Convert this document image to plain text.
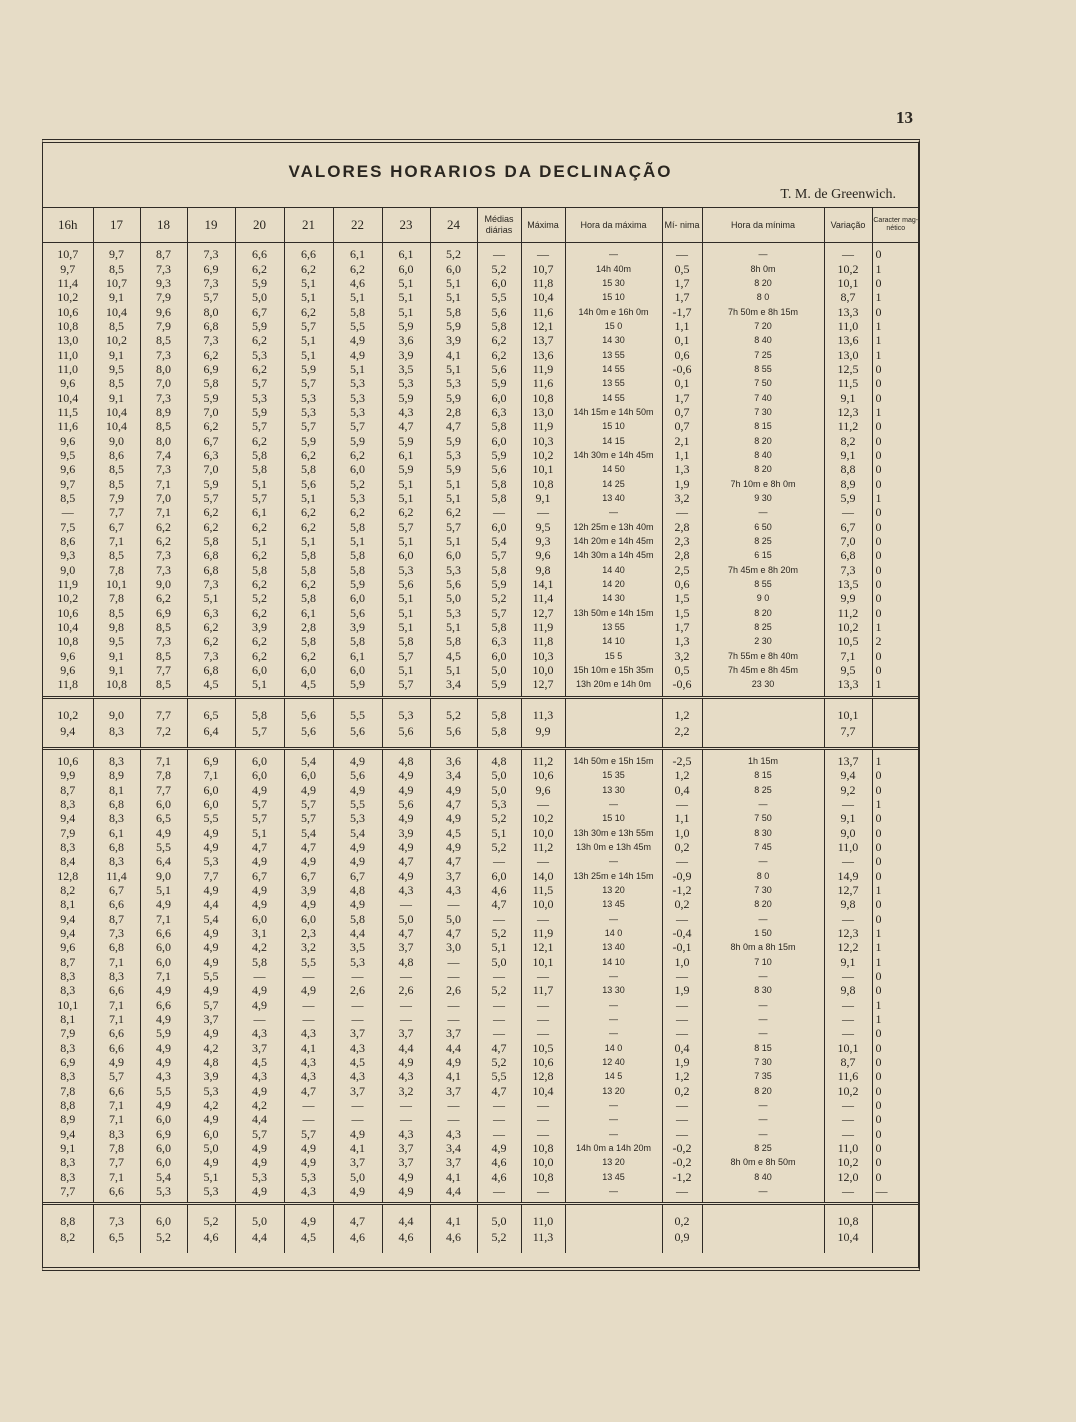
13
VALORES HORARIOS DA DECLINAÇÃO
T. M. de Greenwich.
16h	17	18	19	20	21	22	23	24	Médias diárias	Máxima	Hora da máxima	Mí- nima	Hora da mínima	Variação	Caracter mag- nético
10,7	9,7	8,7	7,3	6,6	6,6	6,1	6,1	5,2	—	—	—	—	—	—	0
9,7	8,5	7,3	6,9	6,2	6,2	6,2	6,0	6,0	5,2	10,7	14h 40m	0,5	8h 0m	10,2	1
11,4	10,7	9,3	7,3	5,9	5,1	4,6	5,1	5,1	6,0	11,8	15 30	1,7	8 20	10,1	0
10,2	9,1	7,9	5,7	5,0	5,1	5,1	5,1	5,1	5,5	10,4	15 10	1,7	8 0	8,7	1
10,6	10,4	9,6	8,0	6,7	6,2	5,8	5,1	5,8	5,6	11,6	14h 0m e 16h 0m	-1,7	7h 50m e 8h 15m	13,3	0
10,8	8,5	7,9	6,8	5,9	5,7	5,5	5,9	5,9	5,8	12,1	15 0	1,1	7 20	11,0	1
13,0	10,2	8,5	7,3	6,2	5,1	4,9	3,6	3,9	6,2	13,7	14 30	0,1	8 40	13,6	1
11,0	9,1	7,3	6,2	5,3	5,1	4,9	3,9	4,1	6,2	13,6	13 55	0,6	7 25	13,0	1
11,0	9,5	8,0	6,9	6,2	5,9	5,1	3,5	5,1	5,6	11,9	14 55	-0,6	8 55	12,5	0
9,6	8,5	7,0	5,8	5,7	5,7	5,3	5,3	5,3	5,9	11,6	13 55	0,1	7 50	11,5	0
10,4	9,1	7,3	5,9	5,3	5,3	5,3	5,9	5,9	6,0	10,8	14 55	1,7	7 40	9,1	0
11,5	10,4	8,9	7,0	5,9	5,3	5,3	4,3	2,8	6,3	13,0	14h 15m e 14h 50m	0,7	7 30	12,3	1
11,6	10,4	8,5	6,2	5,7	5,7	5,7	4,7	4,7	5,8	11,9	15 10	0,7	8 15	11,2	0
9,6	9,0	8,0	6,7	6,2	5,9	5,9	5,9	5,9	6,0	10,3	14 15	2,1	8 20	8,2	0
9,5	8,6	7,4	6,3	5,8	6,2	6,2	6,1	5,3	5,9	10,2	14h 30m e 14h 45m	1,1	8 40	9,1	0
9,6	8,5	7,3	7,0	5,8	5,8	6,0	5,9	5,9	5,6	10,1	14 50	1,3	8 20	8,8	0
9,7	8,5	7,1	5,9	5,1	5,6	5,2	5,1	5,1	5,8	10,8	14 25	1,9	7h 10m e 8h 0m	8,9	0
8,5	7,9	7,0	5,7	5,7	5,1	5,3	5,1	5,1	5,8	9,1	13 40	3,2	9 30	5,9	1
—	7,7	7,1	6,2	6,1	6,2	6,2	6,2	6,2	—	—	—	—	—	—	0
7,5	6,7	6,2	6,2	6,2	6,2	5,8	5,7	5,7	6,0	9,5	12h 25m e 13h 40m	2,8	6 50	6,7	0
8,6	7,1	6,2	5,8	5,1	5,1	5,1	5,1	5,1	5,4	9,3	14h 20m e 14h 45m	2,3	8 25	7,0	0
9,3	8,5	7,3	6,8	6,2	5,8	5,8	6,0	6,0	5,7	9,6	14h 30m a 14h 45m	2,8	6 15	6,8	0
9,0	7,8	7,3	6,8	5,8	5,8	5,8	5,3	5,3	5,8	9,8	14 40	2,5	7h 45m e 8h 20m	7,3	0
11,9	10,1	9,0	7,3	6,2	6,2	5,9	5,6	5,6	5,9	14,1	14 20	0,6	8 55	13,5	0
10,2	7,8	6,2	5,1	5,2	5,8	6,0	5,1	5,0	5,2	11,4	14 30	1,5	9 0	9,9	0
10,6	8,5	6,9	6,3	6,2	6,1	5,6	5,1	5,3	5,7	12,7	13h 50m e 14h 15m	1,5	8 20	11,2	0
10,4	9,8	8,5	6,2	3,9	2,8	3,9	5,1	5,1	5,8	11,9	13 55	1,7	8 25	10,2	1
10,8	9,5	7,3	6,2	6,2	5,8	5,8	5,8	5,8	6,3	11,8	14 10	1,3	2 30	10,5	2
9,6	9,1	8,5	7,3	6,2	6,2	6,1	5,7	4,5	6,0	10,3	15 5	3,2	7h 55m e 8h 40m	7,1	0
9,6	9,1	7,7	6,8	6,0	6,0	6,0	5,1	5,1	5,0	10,0	15h 10m e 15h 35m	0,5	7h 45m e 8h 45m	9,5	0
11,8	10,8	8,5	4,5	5,1	4,5	5,9	5,7	3,4	5,9	12,7	13h 20m e 14h 0m	-0,6	23 30	13,3	1
10,2	9,0	7,7	6,5	5,8	5,6	5,5	5,3	5,2	5,8	11,3		1,2		10,1	
9,4	8,3	7,2	6,4	5,7	5,6	5,6	5,6	5,6	5,8	9,9		2,2		7,7	
10,6	8,3	7,1	6,9	6,0	5,4	4,9	4,8	3,6	4,8	11,2	14h 50m e 15h 15m	-2,5	1h 15m	13,7	1
9,9	8,9	7,8	7,1	6,0	6,0	5,6	4,9	3,4	5,0	10,6	15 35	1,2	8 15	9,4	0
8,7	8,1	7,7	6,0	4,9	4,9	4,9	4,9	4,9	5,0	9,6	13 30	0,4	8 25	9,2	0
8,3	6,8	6,0	6,0	5,7	5,7	5,5	5,6	4,7	5,3	—	—	—	—	—	1
9,4	8,3	6,5	5,5	5,7	5,7	5,3	4,9	4,9	5,2	10,2	15 10	1,1	7 50	9,1	0
7,9	6,1	4,9	4,9	5,1	5,4	5,4	3,9	4,5	5,1	10,0	13h 30m e 13h 55m	1,0	8 30	9,0	0
8,3	6,8	5,5	4,9	4,7	4,7	4,9	4,9	4,9	5,2	11,2	13h 0m e 13h 45m	0,2	7 45	11,0	0
8,4	8,3	6,4	5,3	4,9	4,9	4,9	4,7	4,7	—	—	—	—	—	—	0
12,8	11,4	9,0	7,7	6,7	6,7	6,7	4,9	3,7	6,0	14,0	13h 25m e 14h 15m	-0,9	8 0	14,9	0
8,2	6,7	5,1	4,9	4,9	3,9	4,8	4,3	4,3	4,6	11,5	13 20	-1,2	7 30	12,7	1
8,1	6,6	4,9	4,4	4,9	4,9	4,9	—	—	4,7	10,0	13 45	0,2	8 20	9,8	0
9,4	8,7	7,1	5,4	6,0	6,0	5,8	5,0	5,0	—	—	—	—	—	—	0
9,4	7,3	6,6	4,9	3,1	2,3	4,4	4,7	4,7	5,2	11,9	14 0	-0,4	1 50	12,3	1
9,6	6,8	6,0	4,9	4,2	3,2	3,5	3,7	3,0	5,1	12,1	13 40	-0,1	8h 0m a 8h 15m	12,2	1
8,7	7,1	6,0	4,9	5,8	5,5	5,3	4,8	—	5,0	10,1	14 10	1,0	7 10	9,1	1
8,3	8,3	7,1	5,5	—	—	—	—	—	—	—	—	—	—	—	0
8,3	6,6	4,9	4,9	4,9	4,9	2,6	2,6	2,6	5,2	11,7	13 30	1,9	8 30	9,8	0
10,1	7,1	6,6	5,7	4,9	—	—	—	—	—	—	—	—	—	—	1
8,1	7,1	4,9	3,7	—	—	—	—	—	—	—	—	—	—	—	1
7,9	6,6	5,9	4,9	4,3	4,3	3,7	3,7	3,7	—	—	—	—	—	—	0
8,3	6,6	4,9	4,2	3,7	4,1	4,3	4,4	4,4	4,7	10,5	14 0	0,4	8 15	10,1	0
6,9	4,9	4,9	4,8	4,5	4,3	4,5	4,9	4,9	5,2	10,6	12 40	1,9	7 30	8,7	0
8,3	5,7	4,3	3,9	4,3	4,3	4,3	4,3	4,1	5,5	12,8	14 5	1,2	7 35	11,6	0
7,8	6,6	5,5	5,3	4,9	4,7	3,7	3,2	3,7	4,7	10,4	13 20	0,2	8 20	10,2	0
8,8	7,1	4,9	4,2	4,2	—	—	—	—	—	—	—	—	—	—	0
8,9	7,1	6,0	4,9	4,4	—	—	—	—	—	—	—	—	—	—	0
9,4	8,3	6,9	6,0	5,7	5,7	4,9	4,3	4,3	—	—	—	—	—	—	0
9,1	7,8	6,0	5,0	4,9	4,9	4,1	3,7	3,4	4,9	10,8	14h 0m a 14h 20m	-0,2	8 25	11,0	0
8,3	7,7	6,0	4,9	4,9	4,9	3,7	3,7	3,7	4,6	10,0	13 20	-0,2	8h 0m e 8h 50m	10,2	0
8,3	7,1	5,4	5,1	5,3	5,3	5,0	4,9	4,1	4,6	10,8	13 45	-1,2	8 40	12,0	0
7,7	6,6	5,3	5,3	4,9	4,3	4,9	4,9	4,4	—	—	—	—	—	—	—
8,8	7,3	6,0	5,2	5,0	4,9	4,7	4,4	4,1	5,0	11,0		0,2		10,8	
8,2	6,5	5,2	4,6	4,4	4,5	4,6	4,6	4,6	5,2	11,3		0,9		10,4	
